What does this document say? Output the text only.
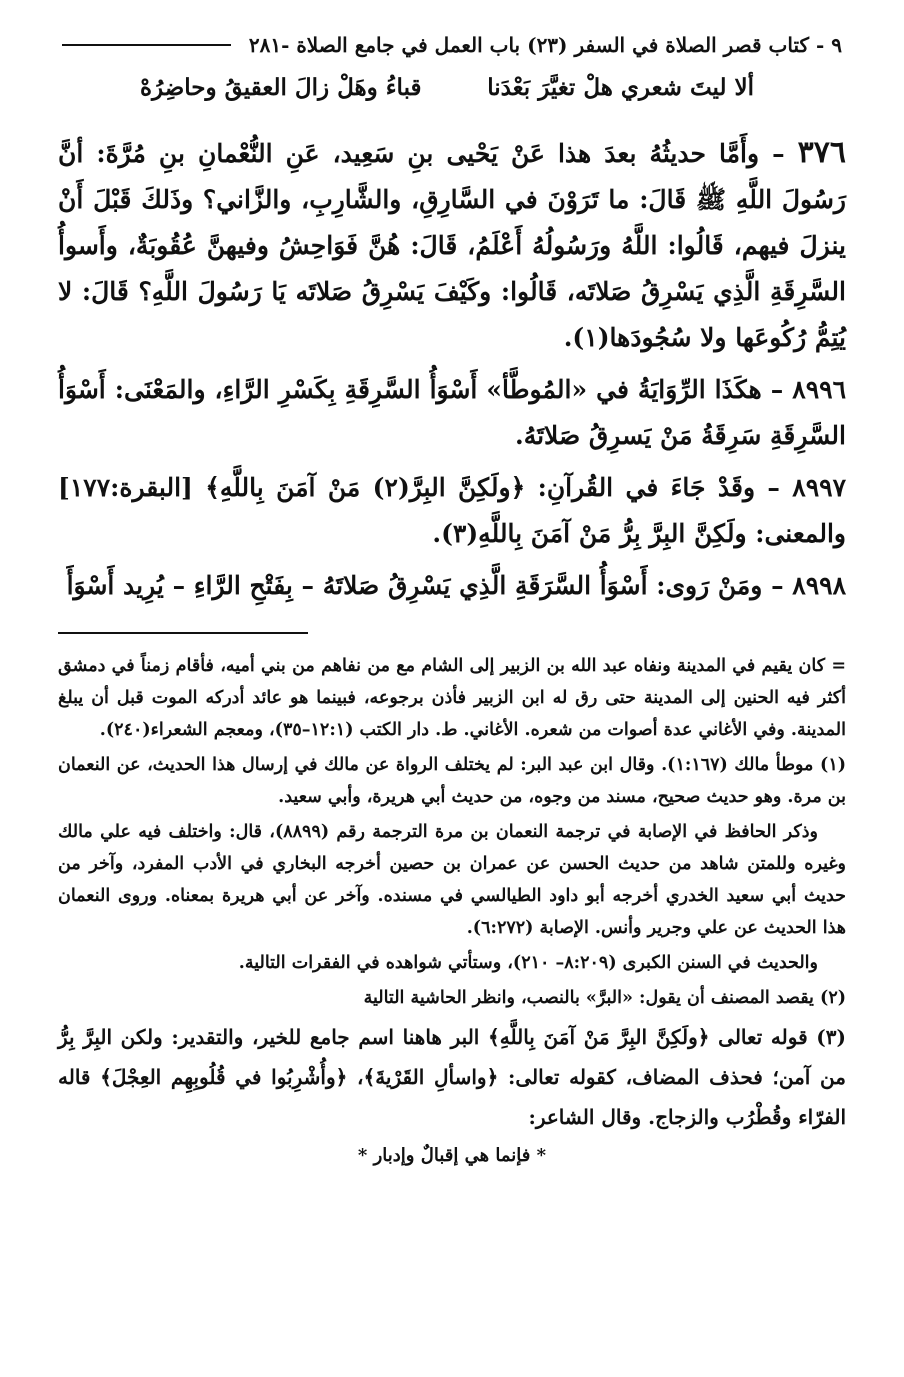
٩ - كتاب قصر الصلاة في السفر (٢٣) باب العمل في جامع الصلاة -٢٨١
ألا ليتَ شعري هلْ تغيَّرَ بَعْدَنا
قباءُ وهَلْ زالَ العقيقُ وحاضِرُهْ

٣٧٦ – وأَمَّا حديثُهُ بعدَ هذا عَنْ يَحْيى بنِ سَعِيد، عَنِ النُّعْمانِ بنِ مُرَّةَ: أنَّ رَسُولَ اللَّهِ ﷺ قَالَ: ما تَرَوْنَ في السَّارِقِ، والشَّارِبِ، والزَّاني؟ وذَلكَ قَبْلَ أَنْ ينزلَ فيهم، قَالُوا: اللَّهُ ورَسُولُهُ أَعْلَمُ، قَالَ: هُنَّ فَوَاحِشُ وفيهنَّ عُقُوبَةٌ، وأَسوأُ السَّرِقَةِ الَّذِي يَسْرِقُ صَلاتَه، قَالُوا: وكَيْفَ يَسْرِقُ صَلاتَه يَا رَسُولَ اللَّهِ؟ قَالَ: لا يُتِمُّ رُكُوعَها ولا سُجُودَها(١).

٨٩٩٦ – هكَذَا الرِّوَايَةُ في «المُوطَّأ» أَسْوَأُ السَّرِقَةِ بِكَسْرِ الرَّاءِ، والمَعْنَى: أَسْوَأُ السَّرِقَةِ سَرِقَةُ مَنْ يَسرِقُ صَلاتَهُ.

٨٩٩٧ – وقَدْ جَاءَ في القُرآنِ: ﴿ولَكِنَّ البِرَّ(٢) مَنْ آمَنَ بِاللَّهِ﴾ [البقرة:١٧٧] والمعنى: ولَكِنَّ البِرَّ بِرُّ مَنْ آمَنَ بِاللَّهِ(٣).

٨٩٩٨ – ومَنْ رَوى: أَسْوَأُ السَّرَقَةِ الَّذِي يَسْرِقُ صَلاتَهُ – بِفَتْحِ الرَّاءِ – يُرِيد أَسْوَأَ

= كان يقيم في المدينة ونفاه عبد الله بن الزبير إلى الشام مع من نفاهم من بني أميه، فأقام زمناً في دمشق أكثر فيه الحنين إلى المدينة حتى رق له ابن الزبير فأذن برجوعه، فبينما هو عائد أدركه الموت قبل أن يبلغ المدينة. وفي الأغاني عدة أصوات من شعره. الأغاني. ط. دار الكتب (١٢:١–٣٥)، ومعجم الشعراء(٢٤٠).

(١) موطأ مالك (١:١٦٧). وقال ابن عبد البر: لم يختلف الرواة عن مالك في إرسال هذا الحديث، عن النعمان بن مرة. وهو حديث صحيح، مسند من وجوه، من حديث أبي هريرة، وأبي سعيد.

وذكر الحافظ في الإصابة في ترجمة النعمان بن مرة الترجمة رقم (٨٨٩٩)، قال: واختلف فيه علي مالك وغيره وللمتن شاهد من حديث الحسن عن عمران بن حصين أخرجه البخاري في الأدب المفرد، وآخر من حديث أبي سعيد الخدري أخرجه أبو داود الطيالسي في مسنده. وآخر عن أبي هريرة بمعناه. وروى النعمان هذا الحديث عن علي وجرير وأنس. الإصابة (٦:٢٧٢).

والحديث في السنن الكبرى (٨:٢٠٩– ٢١٠)، وستأتي شواهده في الفقرات التالية.

(٢) يقصد المصنف أن يقول: «البرَّ» بالنصب، وانظر الحاشية التالية

(٣) قوله تعالى ﴿ولَكِنَّ البِرَّ مَنْ آمَنَ بِاللَّهِ﴾ البر هاهنا اسم جامع للخير، والتقدير: ولكن البِرَّ بِرُّ من آمن؛ فحذف المضاف، كقوله تعالى: ﴿واسألِ القَرْيةَ﴾، ﴿وأُشْرِبُوا في قُلُوبِهِم العِجْلَ﴾ قاله الفرّاء وقُطْرُب والزجاج. وقال الشاعر:

* فإنما هي إقبالٌ وإدبار *
